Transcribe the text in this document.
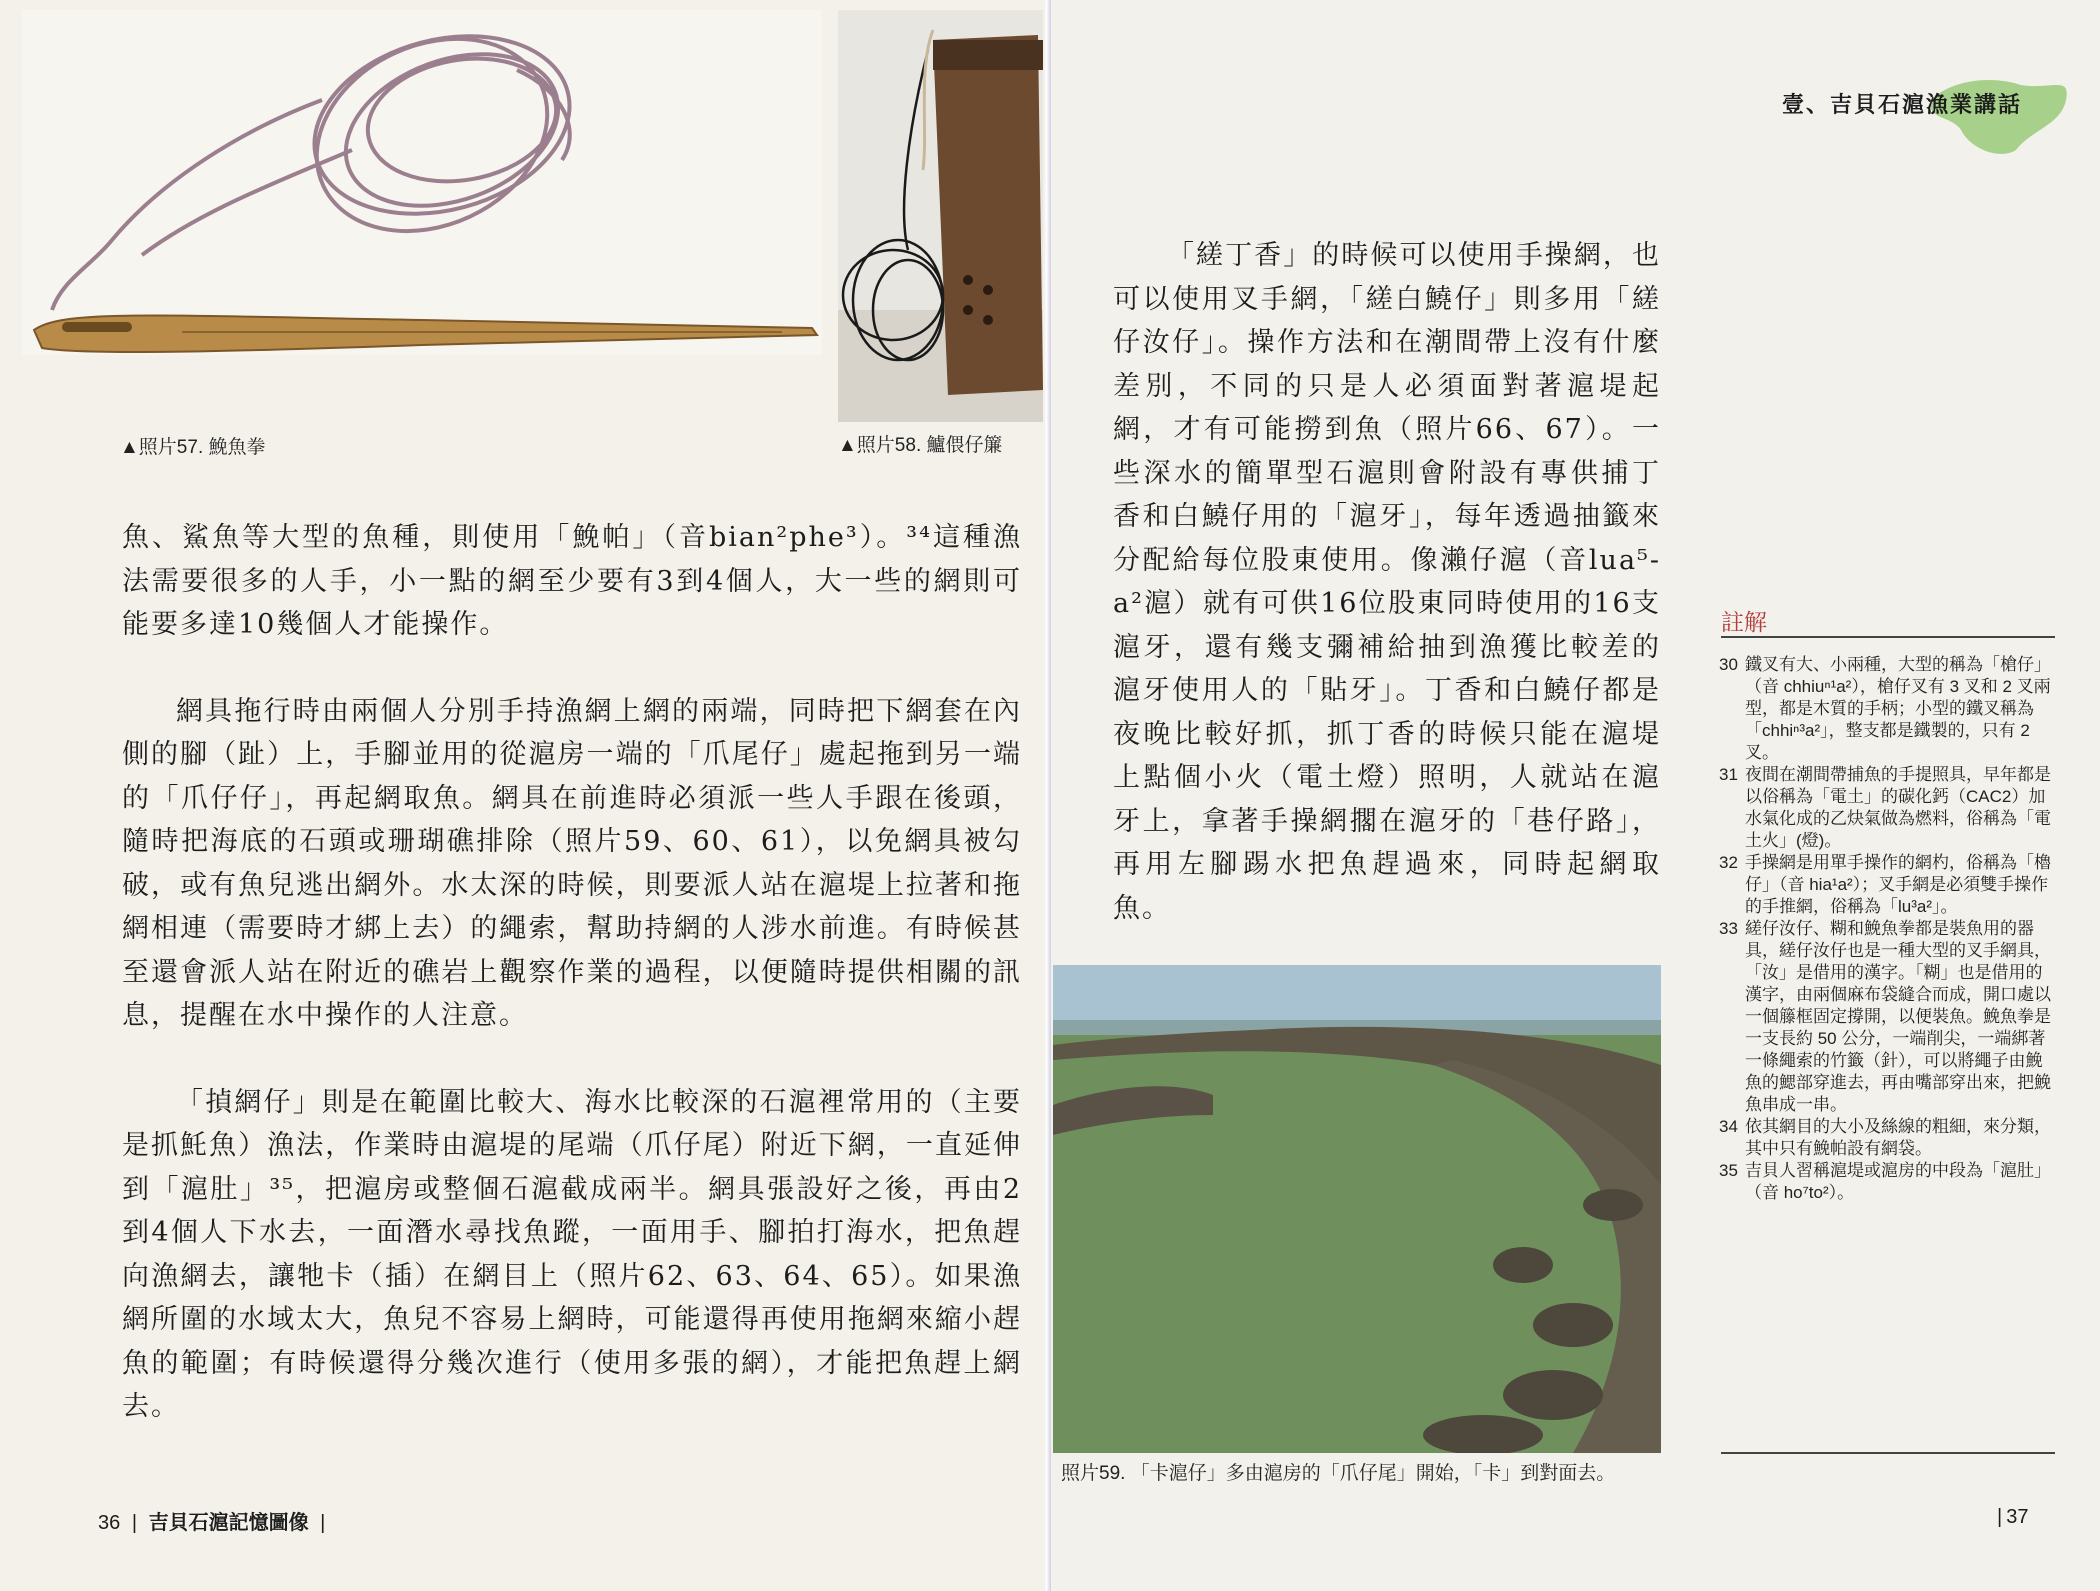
▲照片57. 鮸魚拳	▲照片58. 鱸偎仔簾

魚、鯊魚等大型的魚種，則使用「鮸帕」（音bian²phe³）。³⁴這種漁法需要很多的人手，小一點的網至少要有3到4個人，大一些的網則可能要多達10幾個人才能操作。

網具拖行時由兩個人分別手持漁網上網的兩端，同時把下網套在內側的腳（趾）上，手腳並用的從滬房一端的「爪尾仔」處起拖到另一端的「爪仔仔」，再起網取魚。網具在前進時必須派一些人手跟在後頭，隨時把海底的石頭或珊瑚礁排除（照片59、60、61），以免網具被勾破，或有魚兒逃出網外。水太深的時候，則要派人站在滬堤上拉著和拖網相連（需要時才綁上去）的繩索，幫助持網的人涉水前進。有時候甚至還會派人站在附近的礁岩上觀察作業的過程，以便隨時提供相關的訊息，提醒在水中操作的人注意。

「揁網仔」則是在範圍比較大、海水比較深的石滬裡常用的（主要是抓魠魚）漁法，作業時由滬堤的尾端（爪仔尾）附近下網，一直延伸到「滬肚」³⁵，把滬房或整個石滬截成兩半。網具張設好之後，再由2到4個人下水去，一面潛水尋找魚蹤，一面用手、腳拍打海水，把魚趕向漁網去，讓牠卡（插）在網目上（照片62、63、64、65）。如果漁網所圍的水域太大，魚兒不容易上網時，可能還得再使用拖網來縮小趕魚的範圍；有時候還得分幾次進行（使用多張的網），才能把魚趕上網去。

36 | 吉貝石滬記憶圖像 |
壹、吉貝石滬漁業講話

「縒丁香」的時候可以使用手操網，也可以使用叉手網，「縒白鱙仔」則多用「縒仔汝仔」。操作方法和在潮間帶上沒有什麼差別，不同的只是人必須面對著滬堤起網，才有可能撈到魚（照片66、67）。一些深水的簡單型石滬則會附設有專供捕丁香和白鱙仔用的「滬牙」，每年透過抽籤來分配給每位股東使用。像瀨仔滬（音lua⁵-a²滬）就有可供16位股東同時使用的16支滬牙，還有幾支彌補給抽到漁獲比較差的滬牙使用人的「貼牙」。丁香和白鱙仔都是夜晚比較好抓，抓丁香的時候只能在滬堤上點個小火（電土燈）照明，人就站在滬牙上，拿著手操網擱在滬牙的「巷仔路」，再用左腳踢水把魚趕過來，同時起網取魚。

照片59. 「卡滬仔」多由滬房的「爪仔尾」開始，「卡」到對面去。
註解
30 鐵叉有大、小兩種，大型的稱為「槍仔」（音 chhiuⁿ¹a²），槍仔叉有 3 叉和 2 叉兩型，都是木質的手柄；小型的鐵叉稱為「chhiⁿ³a²」，整支都是鐵製的，只有 2 叉。
31 夜間在潮間帶捕魚的手提照具，早年都是以俗稱為「電土」的碳化鈣（CAC2）加水氣化成的乙炔氣做為燃料，俗稱為「電土火」(燈)。
32 手操網是用單手操作的網杓，俗稱為「櫓仔」（音 hia¹a²）；叉手網是必須雙手操作的手推網，俗稱為「lu³a²」。
33 縒仔汝仔、糊和鮸魚拳都是裝魚用的器具，縒仔汝仔也是一種大型的叉手網具，「汝」是借用的漢字。「糊」也是借用的漢字，由兩個麻布袋縫合而成，開口處以一個籐框固定撐開，以便裝魚。鮸魚拳是一支長約 50 公分，一端削尖，一端綁著一條繩索的竹籤（針），可以將繩子由鮸魚的鰓部穿進去，再由嘴部穿出來，把鮸魚串成一串。
34 依其網目的大小及絲線的粗細，來分類，其中只有鮸帕設有網袋。
35 吉貝人習稱滬堤或滬房的中段為「滬肚」（音 ho⁷to²）。
| 37
